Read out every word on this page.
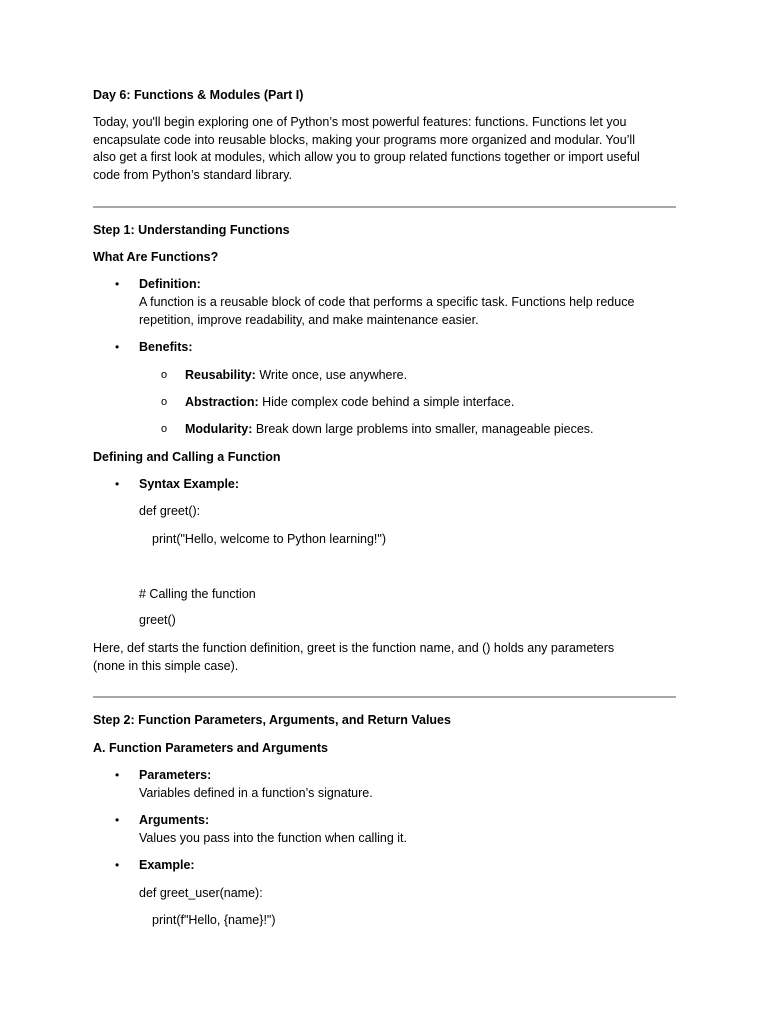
Day 6: Functions & Modules (Part I)
Today, you'll begin exploring one of Python’s most powerful features: functions. Functions let you
encapsulate code into reusable blocks, making your programs more organized and modular. You’ll
also get a first look at modules, which allow you to group related functions together or import useful
code from Python’s standard library.
Step 1: Understanding Functions
What Are Functions?
• Definition:
A function is a reusable block of code that performs a specific task. Functions help reduce
repetition, improve readability, and make maintenance easier.
• Benefits:
o Reusability: Write once, use anywhere.
o Abstraction: Hide complex code behind a simple interface.
o Modularity: Break down large problems into smaller, manageable pieces.
Defining and Calling a Function
• Syntax Example:
def greet():
print("Hello, welcome to Python learning!")
# Calling the function
greet()
Here, def starts the function definition, greet is the function name, and () holds any parameters
(none in this simple case).
Step 2: Function Parameters, Arguments, and Return Values
A. Function Parameters and Arguments
• Parameters:
Variables defined in a function’s signature.
• Arguments:
Values you pass into the function when calling it.
• Example:
def greet_user(name):
print(f"Hello, {name}!")
